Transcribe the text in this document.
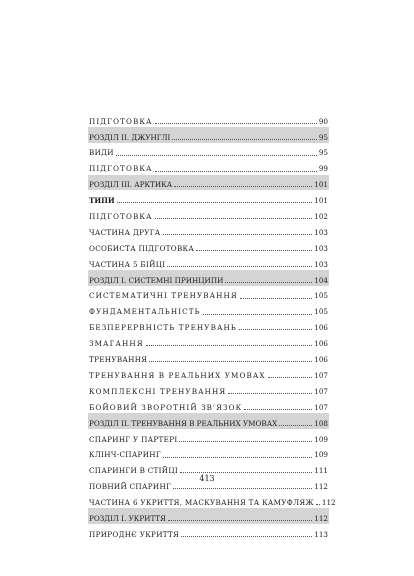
ПІДГОТОВКА	90
РОЗДІЛ II. ДЖУНГЛІ	95
ВИДИ	95
ПІДГОТОВКА	99
РОЗДІЛ III. АРКТИКА	101
ТИПИ	101
ПІДГОТОВКА	102
ЧАСТИНА ДРУГА	103
ОСОБИСТА ПІДГОТОВКА	103
ЧАСТИНА 5 БІЙЦІ	103
РОЗДІЛ І. СИСТЕМНІ ПРИНЦИПИ	104
СИСТЕМАТИЧНІ ТРЕНУВАННЯ	105
ФУНДАМЕНТАЛЬНІСТЬ	105
БЕЗПЕРЕРВНІСТЬ ТРЕНУВАНЬ	106
ЗМАГАННЯ	106
ТРЕНУВАННЯ	106
ТРЕНУВАННЯ В РЕАЛЬНИХ УМОВАХ	107
КОМПЛЕКСНІ ТРЕНУВАННЯ	107
БОЙОВИЙ ЗВОРОТНІЙ ЗВ'ЯЗОК	107
РОЗДІЛ II. ТРЕНУВАННЯ В РЕАЛЬНИХ УМОВАХ	108
СПАРИНГ У ПАРТЕРІ	109
КЛІНЧ-СПАРИНГ	109
СПАРИНГИ В СТІЙЦІ	111
ПОВНИЙ СПАРИНГ	112
ЧАСТИНА 6 УКРИТТЯ, МАСКУВАННЯ ТА КАМУФЛЯЖ 112
РОЗДІЛ І. УКРИТТЯ	112
ПРИРОДНЄ УКРИТТЯ	113
413
